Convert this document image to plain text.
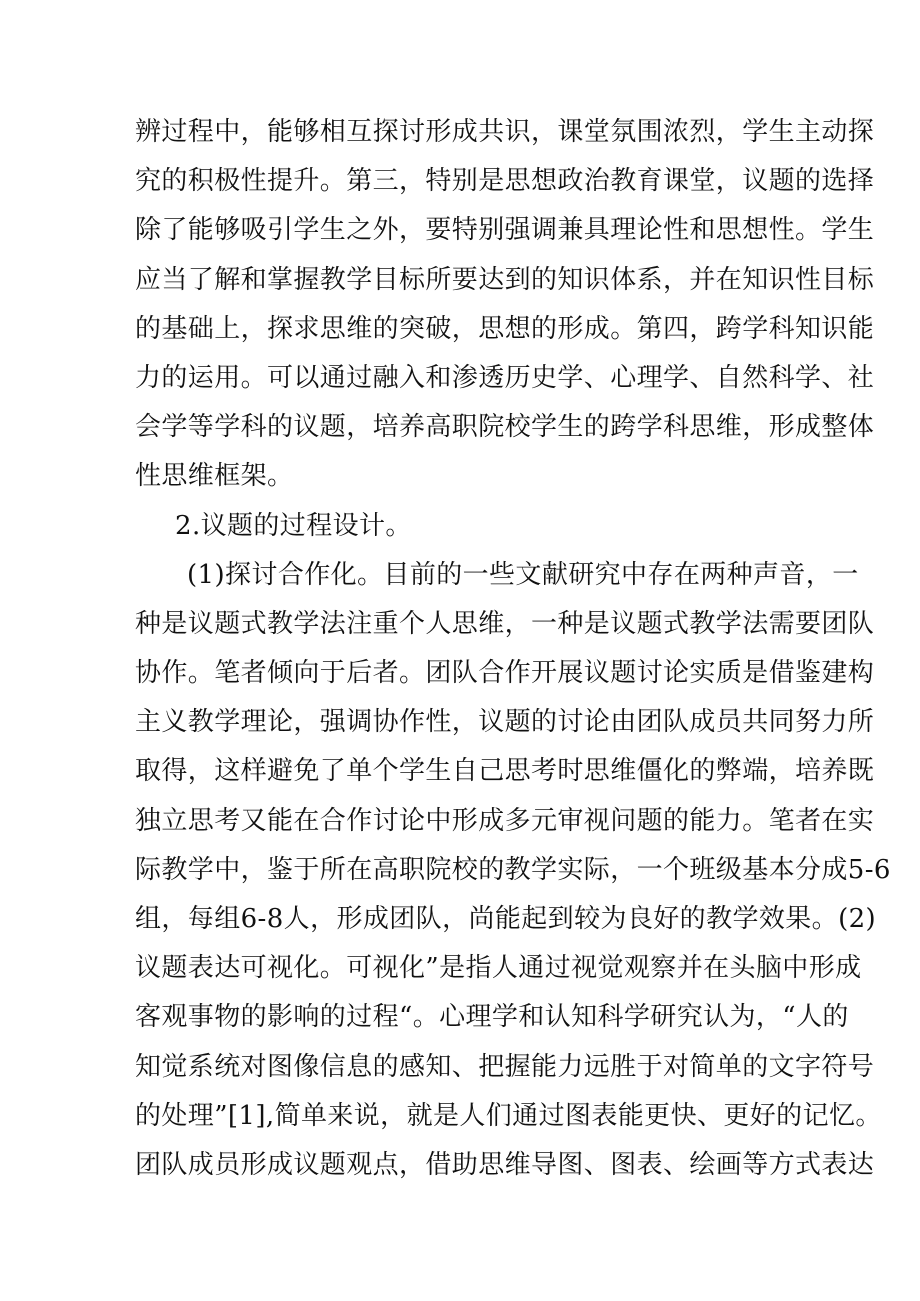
辨过程中，能够相互探讨形成共识，课堂氛围浓烈，学生主动探
究的积极性提升。第三，特别是思想政治教育课堂，议题的选择
除了能够吸引学生之外，要特别强调兼具理论性和思想性。学生
应当了解和掌握教学目标所要达到的知识体系，并在知识性目标
的基础上，探求思维的突破，思想的形成。第四，跨学科知识能
力的运用。可以通过融入和渗透历史学、心理学、自然科学、社
会学等学科的议题，培养高职院校学生的跨学科思维，形成整体
性思维框架。
2.议题的过程设计。
(1)探讨合作化。目前的一些文献研究中存在两种声音，一
种是议题式教学法注重个人思维，一种是议题式教学法需要团队
协作。笔者倾向于后者。团队合作开展议题讨论实质是借鉴建构
主义教学理论，强调协作性，议题的讨论由团队成员共同努力所
取得，这样避免了单个学生自己思考时思维僵化的弊端，培养既
独立思考又能在合作讨论中形成多元审视问题的能力。笔者在实
际教学中，鉴于所在高职院校的教学实际，一个班级基本分成5-6
组，每组6-8人，形成团队，尚能起到较为良好的教学效果。(2)
议题表达可视化。可视化”是指人通过视觉观察并在头脑中形成
客观事物的影响的过程“。心理学和认知科学研究认为，“人的
知觉系统对图像信息的感知、把握能力远胜于对简单的文字符号
的处理”[1],简单来说，就是人们通过图表能更快、更好的记忆。
团队成员形成议题观点，借助思维导图、图表、绘画等方式表达
